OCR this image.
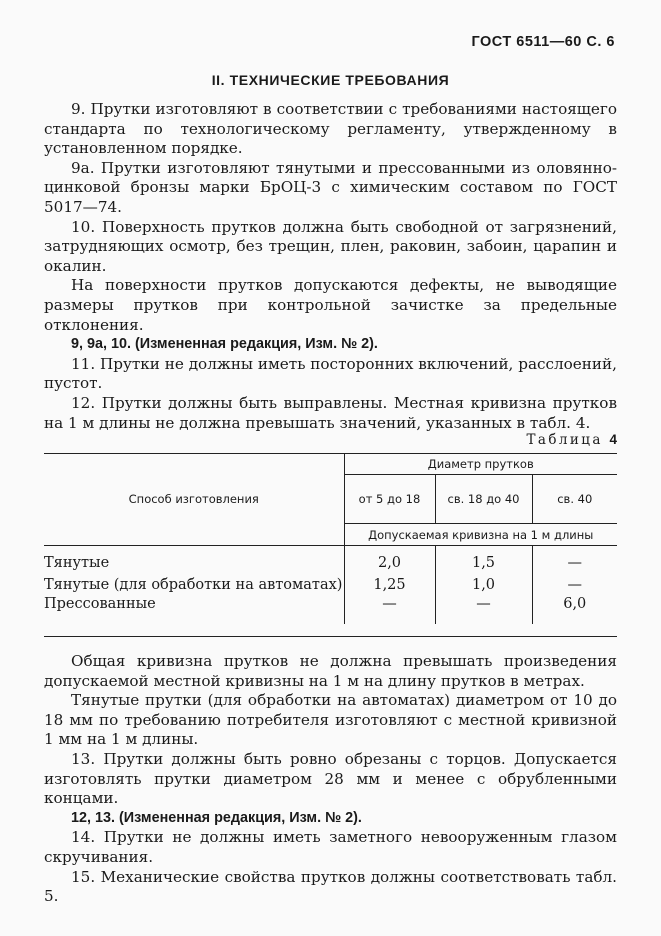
ГОСТ 6511—60 С. 6
II. ТЕХНИЧЕСКИЕ ТРЕБОВАНИЯ

9. Прутки изготовляют в соответствии с требованиями настоящего стандарта по технологическому регламенту, утвержденному в установленном порядке.

9а. Прутки изготовляют тянутыми и прессованными из оловянно-цинковой бронзы марки БрОЦ-3 с химическим составом по ГОСТ 5017—74.

10. Поверхность прутков должна быть свободной от загрязнений, затрудняющих осмотр, без трещин, плен, раковин, забоин, царапин и окалин.

На поверхности прутков допускаются дефекты, не выводящие размеры прутков при контрольной зачистке за предельные отклонения.

9, 9а, 10. (Измененная редакция, Изм. № 2).

11. Прутки не должны иметь посторонних включений, расслоений, пустот.

12. Прутки должны быть выправлены. Местная кривизна прутков на 1 м длины не должна превышать значений, указанных в табл. 4.

Таблица 4
Способ изготовления	Диаметр прутков		
	от 5 до 18	св. 18 до 40	св. 40
	Допускаемая кривизна на 1 м длины		
Тянутые	2,0	1,5	—
Тянутые (для обработки на автоматах)	1,25	1,0	—
Прессованные	—	—	6,0

Общая кривизна прутков не должна превышать произведения допускаемой местной кривизны на 1 м на длину прутков в метрах.

Тянутые прутки (для обработки на автоматах) диаметром от 10 до 18 мм по требованию потребителя изготовляют с местной кривизной 1 мм на 1 м длины.

13. Прутки должны быть ровно обрезаны с торцов. Допускается изготовлять прутки диаметром 28 мм и менее с обрубленными концами.

12, 13. (Измененная редакция, Изм. № 2).

14. Прутки не должны иметь заметного невооруженным глазом скручивания.

15. Механические свойства прутков должны соответствовать табл. 5.
